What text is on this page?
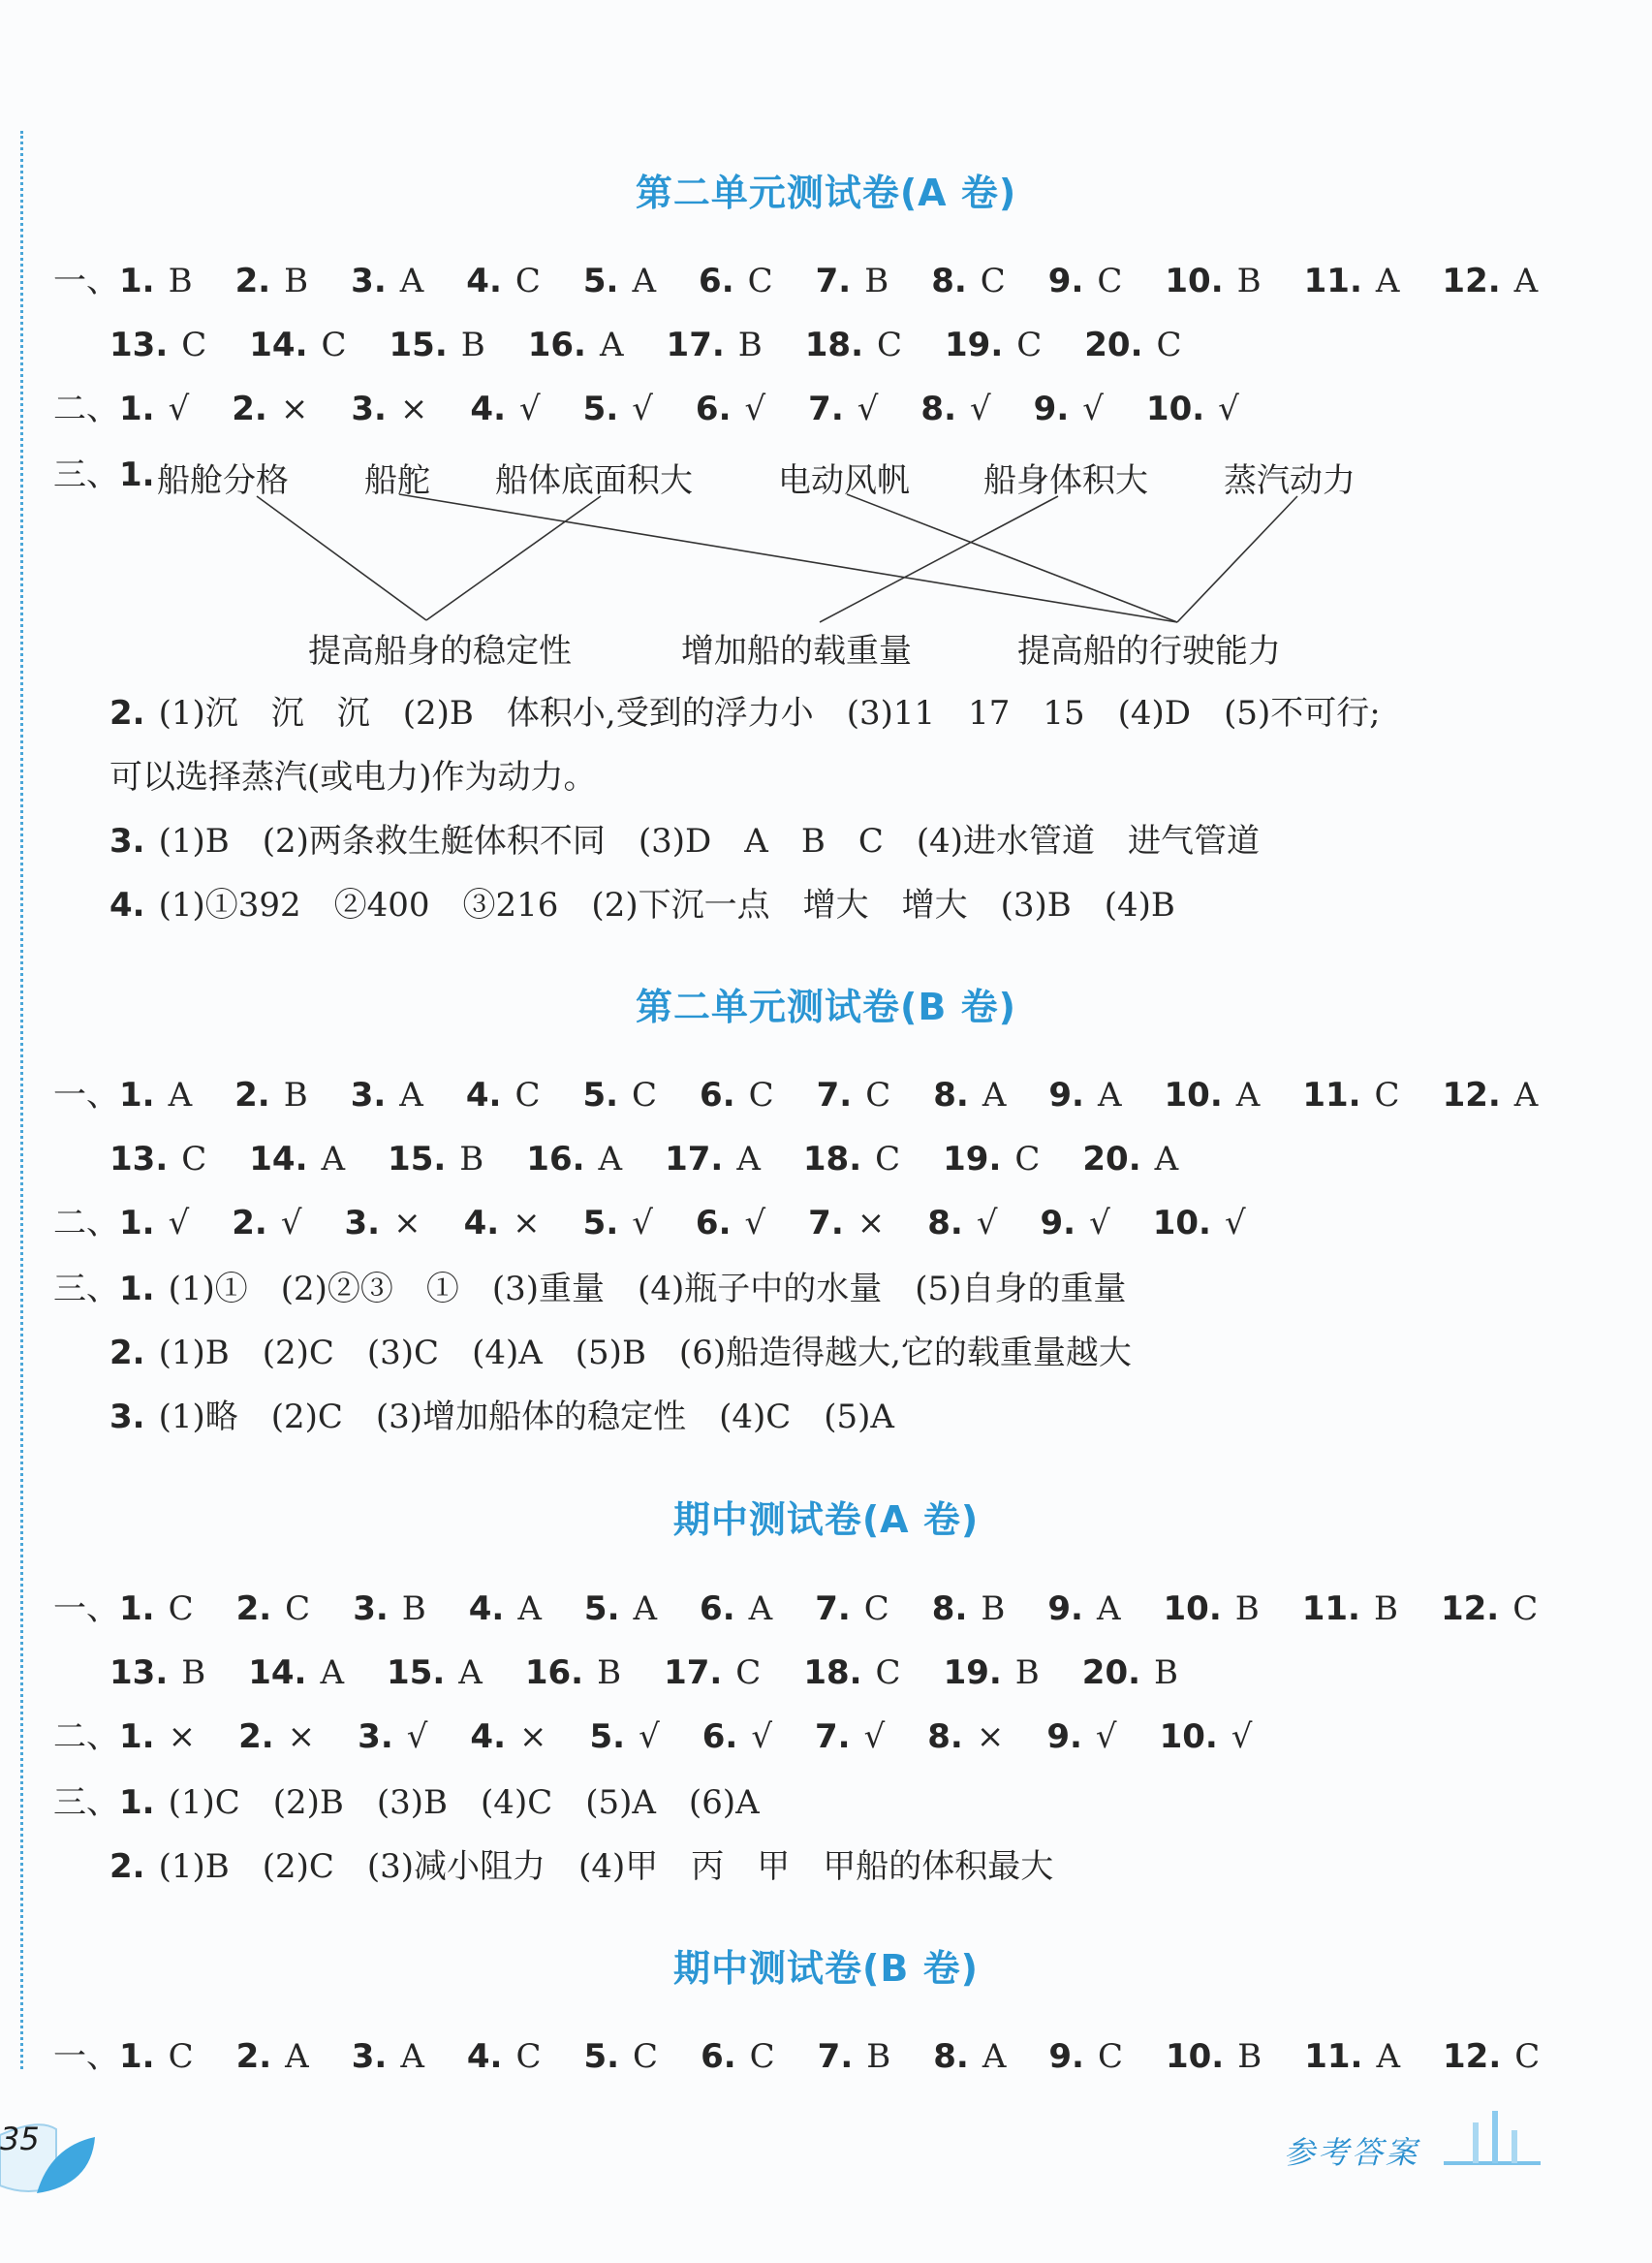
第二单元测试卷(A 卷)
一、1. B 2. B 3. A 4. C 5. A 6. C 7. B 8. C 9. C 10. B 11. A 12. A
13. C 14. C 15. B 16. A 17. B 18. C 19. C 20. C
二、1. √ 2. × 3. × 4. √ 5. √ 6. √ 7. √ 8. √ 9. √ 10. √
三、1. 船舱分格 船舵 船体底面积大	电动风帆 船身体积大 蒸汽动力
提高船身的稳定性	增加船的载重量	提高船的行驶能力
2. (1)沉　沉　沉　(2)B　体积小,受到的浮力小　(3)11　17　15　(4)D　(5)不可行;
可以选择蒸汽(或电力)作为动力。
3. (1)B　(2)两条救生艇体积不同　(3)D　A　B　C　(4)进水管道　进气管道
4. (1)①392　②400　③216　(2)下沉一点　增大　增大　(3)B　(4)B
第二单元测试卷(B 卷)
一、1. A 2. B 3. A 4. C 5. C 6. C 7. C 8. A 9. A 10. A 11. C 12. A
13. C 14. A 15. B 16. A 17. A 18. C 19. C 20. A
二、1. √ 2. √ 3. × 4. × 5. √ 6. √ 7. × 8. √ 9. √ 10. √
三、1. (1)①　(2)②③　①　(3)重量　(4)瓶子中的水量　(5)自身的重量
2. (1)B　(2)C　(3)C　(4)A　(5)B　(6)船造得越大,它的载重量越大
3. (1)略　(2)C　(3)增加船体的稳定性　(4)C　(5)A
期中测试卷(A 卷)
一、1. C 2. C 3. B 4. A 5. A 6. A 7. C 8. B 9. A 10. B 11. B 12. C
13. B 14. A 15. A 16. B 17. C 18. C 19. B 20. B
二、1. × 2. × 3. √ 4. × 5. √ 6. √ 7. √ 8. × 9. √ 10. √
三、1. (1)C　(2)B　(3)B　(4)C　(5)A　(6)A
2. (1)B　(2)C　(3)减小阻力　(4)甲　丙　甲　甲船的体积最大
期中测试卷(B 卷)
一、1. C 2. A 3. A 4. C 5. C 6. C 7. B 8. A 9. C 10. B 11. A 12. C
35	参考答案
